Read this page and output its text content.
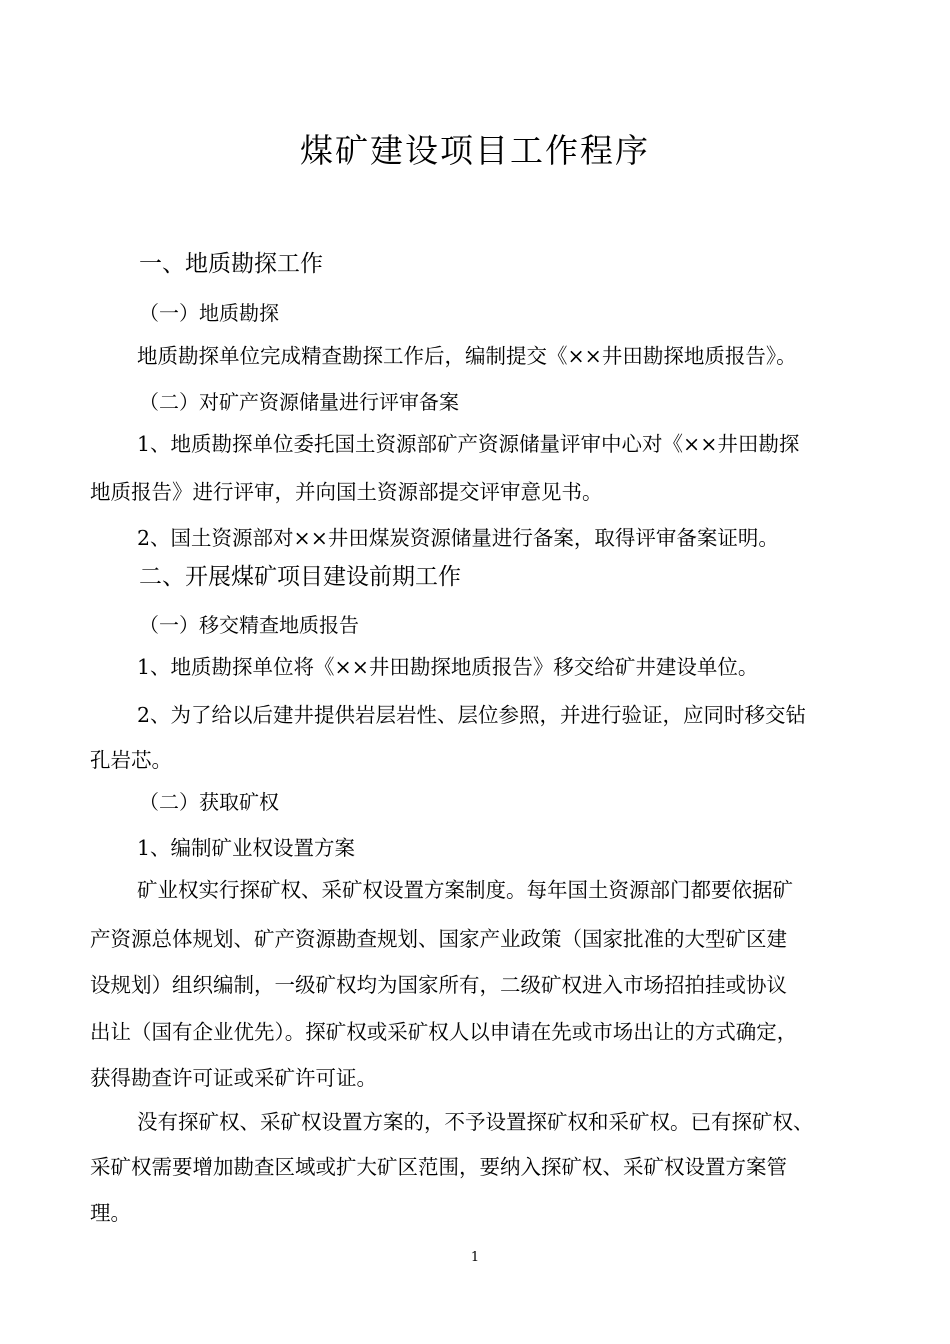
煤矿建设项目工作程序
一、地质勘探工作
（一）地质勘探

地质勘探单位完成精查勘探工作后，编制提交《××井田勘探地质报告》。

（二）对矿产资源储量进行评审备案

1、地质勘探单位委托国土资源部矿产资源储量评审中心对《××井田勘探

地质报告》进行评审，并向国土资源部提交评审意见书。

2、国土资源部对××井田煤炭资源储量进行备案，取得评审备案证明。

二、开展煤矿项目建设前期工作
（一）移交精查地质报告

1、地质勘探单位将《××井田勘探地质报告》移交给矿井建设单位。

2、为了给以后建井提供岩层岩性、层位参照，并进行验证，应同时移交钻

孔岩芯。

（二）获取矿权

1、编制矿业权设置方案

矿业权实行探矿权、采矿权设置方案制度。每年国土资源部门都要依据矿

产资源总体规划、矿产资源勘查规划、国家产业政策（国家批准的大型矿区建

设规划）组织编制，一级矿权均为国家所有，二级矿权进入市场招拍挂或协议

出让（国有企业优先）。探矿权或采矿权人以申请在先或市场出让的方式确定，

获得勘查许可证或采矿许可证。

没有探矿权、采矿权设置方案的，不予设置探矿权和采矿权。已有探矿权、

采矿权需要增加勘查区域或扩大矿区范围，要纳入探矿权、采矿权设置方案管

理。

1
